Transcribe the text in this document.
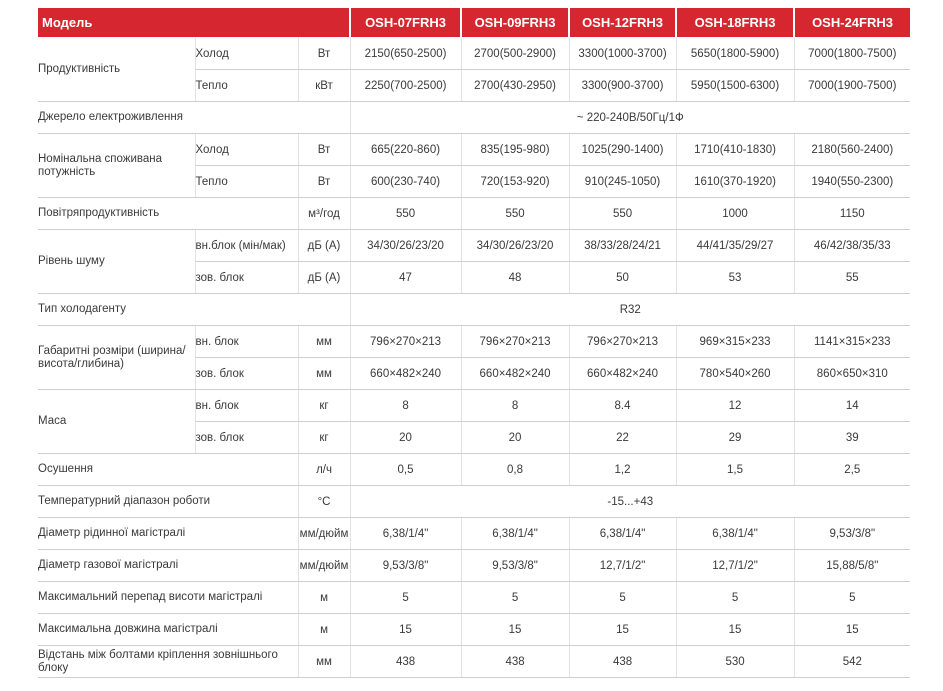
Модель			OSH-07FRH3	OSH-09FRH3	OSH-12FRH3	OSH-18FRH3	OSH-24FRH3
Продуктивність	Холод	Вт	2150(650-2500)	2700(500-2900)	3300(1000-3700)	5650(1800-5900)	7000(1800-7500)
	Тепло	кВт	2250(700-2500)	2700(430-2950)	3300(900-3700)	5950(1500-6300)	7000(1900-7500)
Джерело електроживлення			~ 220-240В/50Гц/1Ф				
Номінальна споживана потужність	Холод	Вт	665(220-860)	835(195-980)	1025(290-1400)	1710(410-1830)	2180(560-2400)
	Тепло	Вт	600(230-740)	720(153-920)	910(245-1050)	1610(370-1920)	1940(550-2300)
Повітряпродуктивність		м³/год	550	550	550	1000	1150
Рівень шуму	вн.блок (мін/мак)	дБ (А)	34/30/26/23/20	34/30/26/23/20	38/33/28/24/21	44/41/35/29/27	46/42/38/35/33
	зов. блок	дБ (А)	47	48	50	53	55
Тип холодагенту			R32				
Габаритні розміри (ширина/ висота/глибина)	вн. блок	мм	796×270×213	796×270×213	796×270×213	969×315×233	1141×315×233
	зов. блок	мм	660×482×240	660×482×240	660×482×240	780×540×260	860×650×310
Маса	вн. блок	кг	8	8	8.4	12	14
	зов. блок	кг	20	20	22	29	39
Осушення		л/ч	0,5	0,8	1,2	1,5	2,5
Температурний діапазон роботи		°C	-15...+43				
Діаметр рідинної магістралі		мм/дюйм	6,38/1/4"	6,38/1/4"	6,38/1/4"	6,38/1/4"	9,53/3/8"
Діаметр газової магістралі		мм/дюйм	9,53/3/8"	9,53/3/8"	12,7/1/2"	12,7/1/2"	15,88/5/8"
Максимальний перепад висоти магістралі		м	5	5	5	5	5
Максимальна довжина магістралі		м	15	15	15	15	15
Відстань між болтами кріплення зовнішнього блоку		мм	438	438	438	530	542
